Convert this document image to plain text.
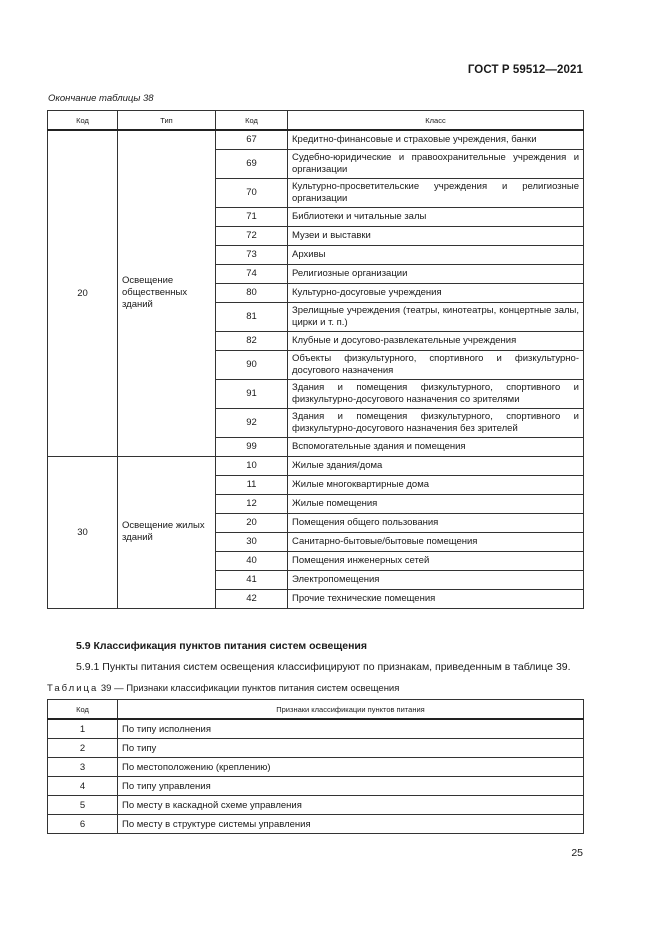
ГОСТ Р 59512—2021
Окончание таблицы 38
Код	Тип	Код	Класс
20	Освещение общественных зданий	67	Кредитно-финансовые и страховые учреждения, банки
		69	Судебно-юридические и правоохранительные учреждения и организации
		70	Культурно-просветительские учреждения и религиозные организации
		71	Библиотеки и читальные залы
		72	Музеи и выставки
		73	Архивы
		74	Религиозные организации
		80	Культурно-досуговые учреждения
		81	Зрелищные учреждения (театры, кинотеатры, концертные залы, цирки и т. п.)
		82	Клубные и досугово-развлекательные учреждения
		90	Объекты физкультурного, спортивного и физкультурно-досугового назначения
		91	Здания и помещения физкультурного, спортивного и физкультурно-досугового назначения со зрителями
		92	Здания и помещения физкультурного, спортивного и физкультурно-досугового назначения без зрителей
		99	Вспомогательные здания и помещения
30	Освещение жилых зданий	10	Жилые здания/дома
		11	Жилые многоквартирные дома
		12	Жилые помещения
		20	Помещения общего пользования
		30	Санитарно-бытовые/бытовые помещения
		40	Помещения инженерных сетей
		41	Электропомещения
		42	Прочие технические помещения
5.9 Классификация пунктов питания систем освещения
5.9.1 Пункты питания систем освещения классифицируют по признакам, приведенным в таблице 39.
Таблица 39 — Признаки классификации пунктов питания систем освещения
Код	Признаки классификации пунктов питания
1	По типу исполнения
2	По типу
3	По местоположению (креплению)
4	По типу управления
5	По месту в каскадной схеме управления
6	По месту в структуре системы управления
25
